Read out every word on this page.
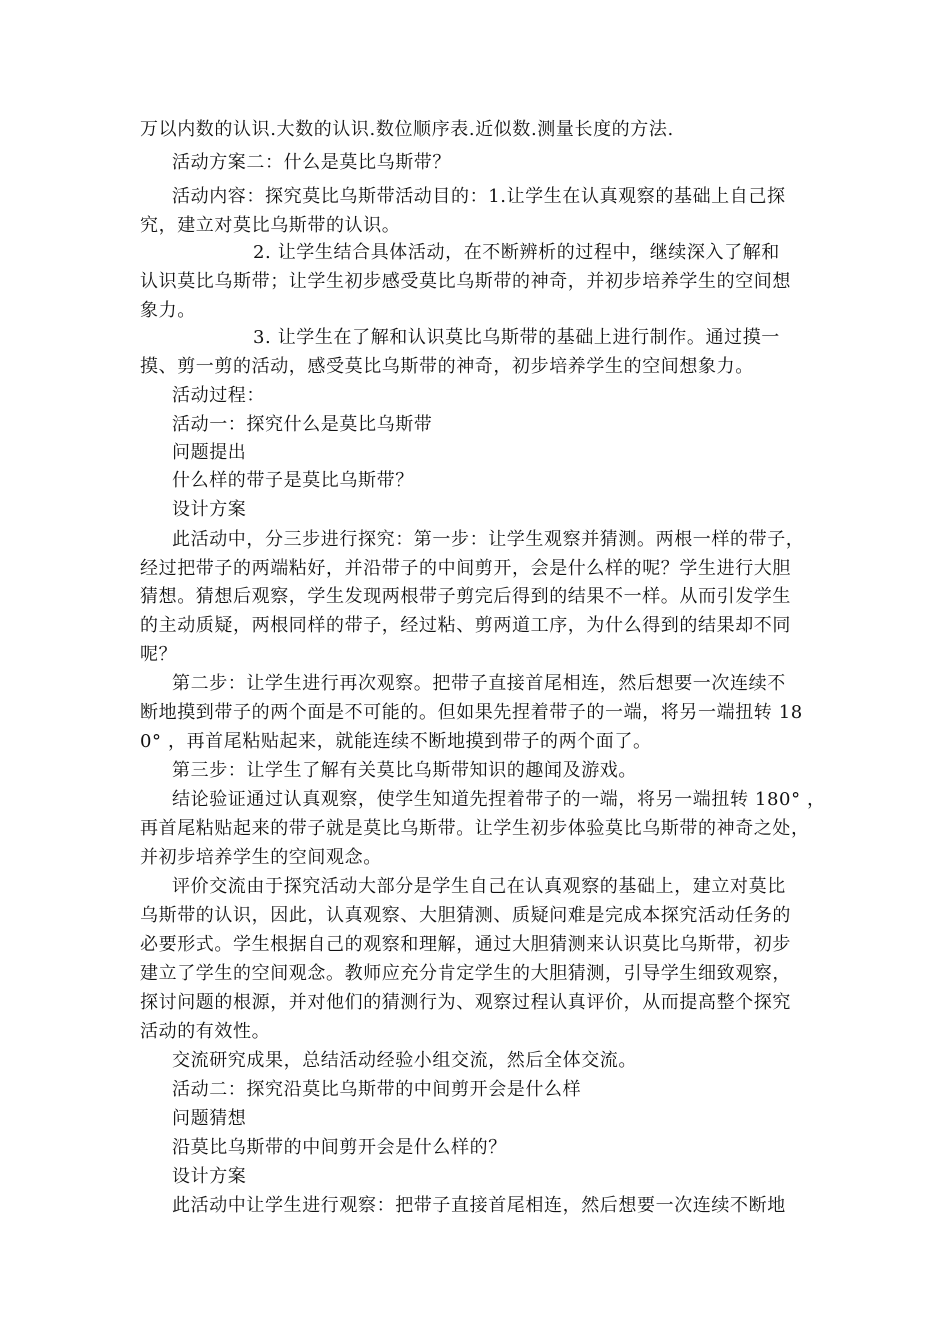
万以内数的认识.大数的认识.数位顺序表.近似数.测量长度的方法.
活动方案二：什么是莫比乌斯带？
活动内容：探究莫比乌斯带活动目的：1.让学生在认真观察的基础上自己探
究，建立对莫比乌斯带的认识。
2. 让学生结合具体活动，在不断辨析的过程中，继续深入了解和
认识莫比乌斯带；让学生初步感受莫比乌斯带的神奇，并初步培养学生的空间想
象力。
3. 让学生在了解和认识莫比乌斯带的基础上进行制作。通过摸一
摸、剪一剪的活动，感受莫比乌斯带的神奇，初步培养学生的空间想象力。
活动过程：
活动一：探究什么是莫比乌斯带
问题提出
什么样的带子是莫比乌斯带？
设计方案
此活动中，分三步进行探究：第一步：让学生观察并猜测。两根一样的带子，
经过把带子的两端粘好，并沿带子的中间剪开，会是什么样的呢？学生进行大胆
猜想。猜想后观察，学生发现两根带子剪完后得到的结果不一样。从而引发学生
的主动质疑，两根同样的带子，经过粘、剪两道工序，为什么得到的结果却不同
呢？
第二步：让学生进行再次观察。把带子直接首尾相连，然后想要一次连续不
断地摸到带子的两个面是不可能的。但如果先捏着带子的一端，将另一端扭转 18
0° ，再首尾粘贴起来，就能连续不断地摸到带子的两个面了。
第三步：让学生了解有关莫比乌斯带知识的趣闻及游戏。
结论验证通过认真观察，使学生知道先捏着带子的一端，将另一端扭转 180° ，
再首尾粘贴起来的带子就是莫比乌斯带。让学生初步体验莫比乌斯带的神奇之处，
并初步培养学生的空间观念。
评价交流由于探究活动大部分是学生自己在认真观察的基础上，建立对莫比
乌斯带的认识，因此，认真观察、大胆猜测、质疑问难是完成本探究活动任务的
必要形式。学生根据自己的观察和理解，通过大胆猜测来认识莫比乌斯带，初步
建立了学生的空间观念。教师应充分肯定学生的大胆猜测，引导学生细致观察，
探讨问题的根源，并对他们的猜测行为、观察过程认真评价，从而提高整个探究
活动的有效性。
交流研究成果，总结活动经验小组交流，然后全体交流。
活动二：探究沿莫比乌斯带的中间剪开会是什么样
问题猜想
沿莫比乌斯带的中间剪开会是什么样的？
设计方案
此活动中让学生进行观察：把带子直接首尾相连，然后想要一次连续不断地
